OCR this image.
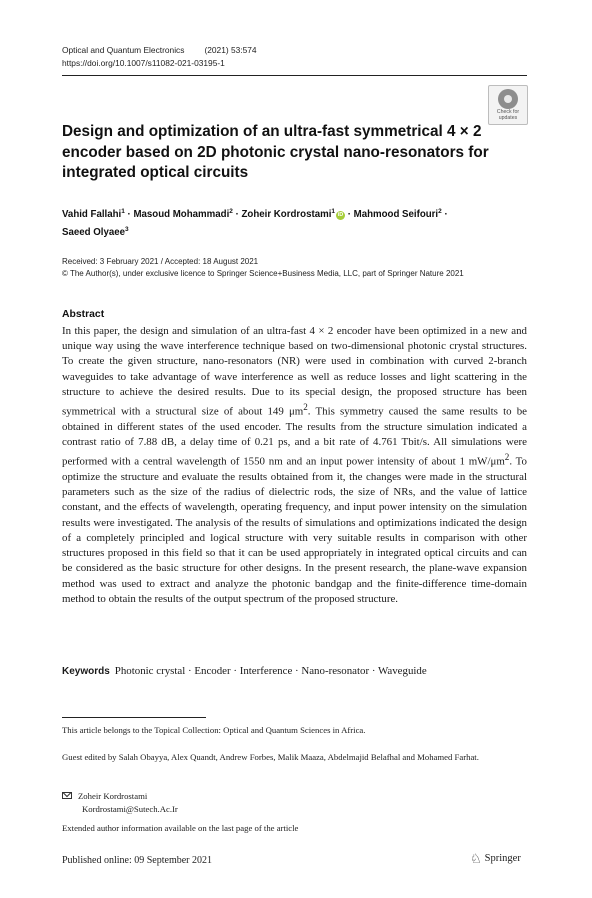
Optical and Quantum Electronics (2021) 53:574
https://doi.org/10.1007/s11082-021-03195-1
Check for
updates
Design and optimization of an ultra-fast symmetrical 4 × 2 encoder based on 2D photonic crystal nano-resonators for integrated optical circuits
Vahid Fallahi$^1$ · Masoud Mohammadi$^2$ · Zoheir Kordrostami$^1$iD · Mahmood Seifouri$^2$ ·
Saeed Olyaee$^3$
Received: 3 February 2021 / Accepted: 18 August 2021
© The Author(s), under exclusive licence to Springer Science+Business Media, LLC, part of Springer Nature 2021
Abstract
In this paper, the design and simulation of an ultra-fast 4 × 2 encoder have been optimized in a new and unique way using the wave interference technique based on two-dimensional photonic crystal structures. To create the given structure, nano-resonators (NR) were used in combination with curved 2-branch waveguides to take advantage of wave interference as well as reduce losses and light scattering in the structure to achieve the desired results. Due to its special design, the proposed structure has been symmetrical with a structural size of about 149 $\mu m^2$. This symmetry caused the same results to be obtained in different states of the used encoder. The results from the structure simulation indicated a contrast ratio of 7.88 dB, a delay time of 0.21 ps, and a bit rate of 4.761 Tbit/s. All simulations were performed with a central wavelength of 1550 nm and an input power intensity of about 1 $mW/\mu m^2$. To optimize the structure and evaluate the results obtained from it, the changes were made in the structural parameters such as the size of the radius of dielectric rods, the size of NRs, and the value of lattice constant, and the effects of wavelength, operating frequency, and input power intensity on the simulation results were investigated. The analysis of the results of simulations and optimizations indicated the design of a completely principled and logical structure with very suitable results in comparison with other structures proposed in this field so that it can be used appropriately in integrated optical circuits and can be considered as the basic structure for other designs. In the present research, the plane-wave expansion method was used to extract and analyze the photonic bandgap and the finite-difference time-domain method to obtain the results of the output spectrum of the proposed structure.
Keywords Photonic crystal · Encoder · Interference · Nano-resonator · Waveguide
This article belongs to the Topical Collection: Optical and Quantum Sciences in Africa.
Guest edited by Salah Obayya, Alex Quandt, Andrew Forbes, Malik Maaza, Abdelmajid Belafhal and Mohamed Farhat.
Zoheir Kordrostami
Kordrostami@Sutech.Ac.Ir
Extended author information available on the last page of the article
Published online: 09 September 2021	♘ Springer
